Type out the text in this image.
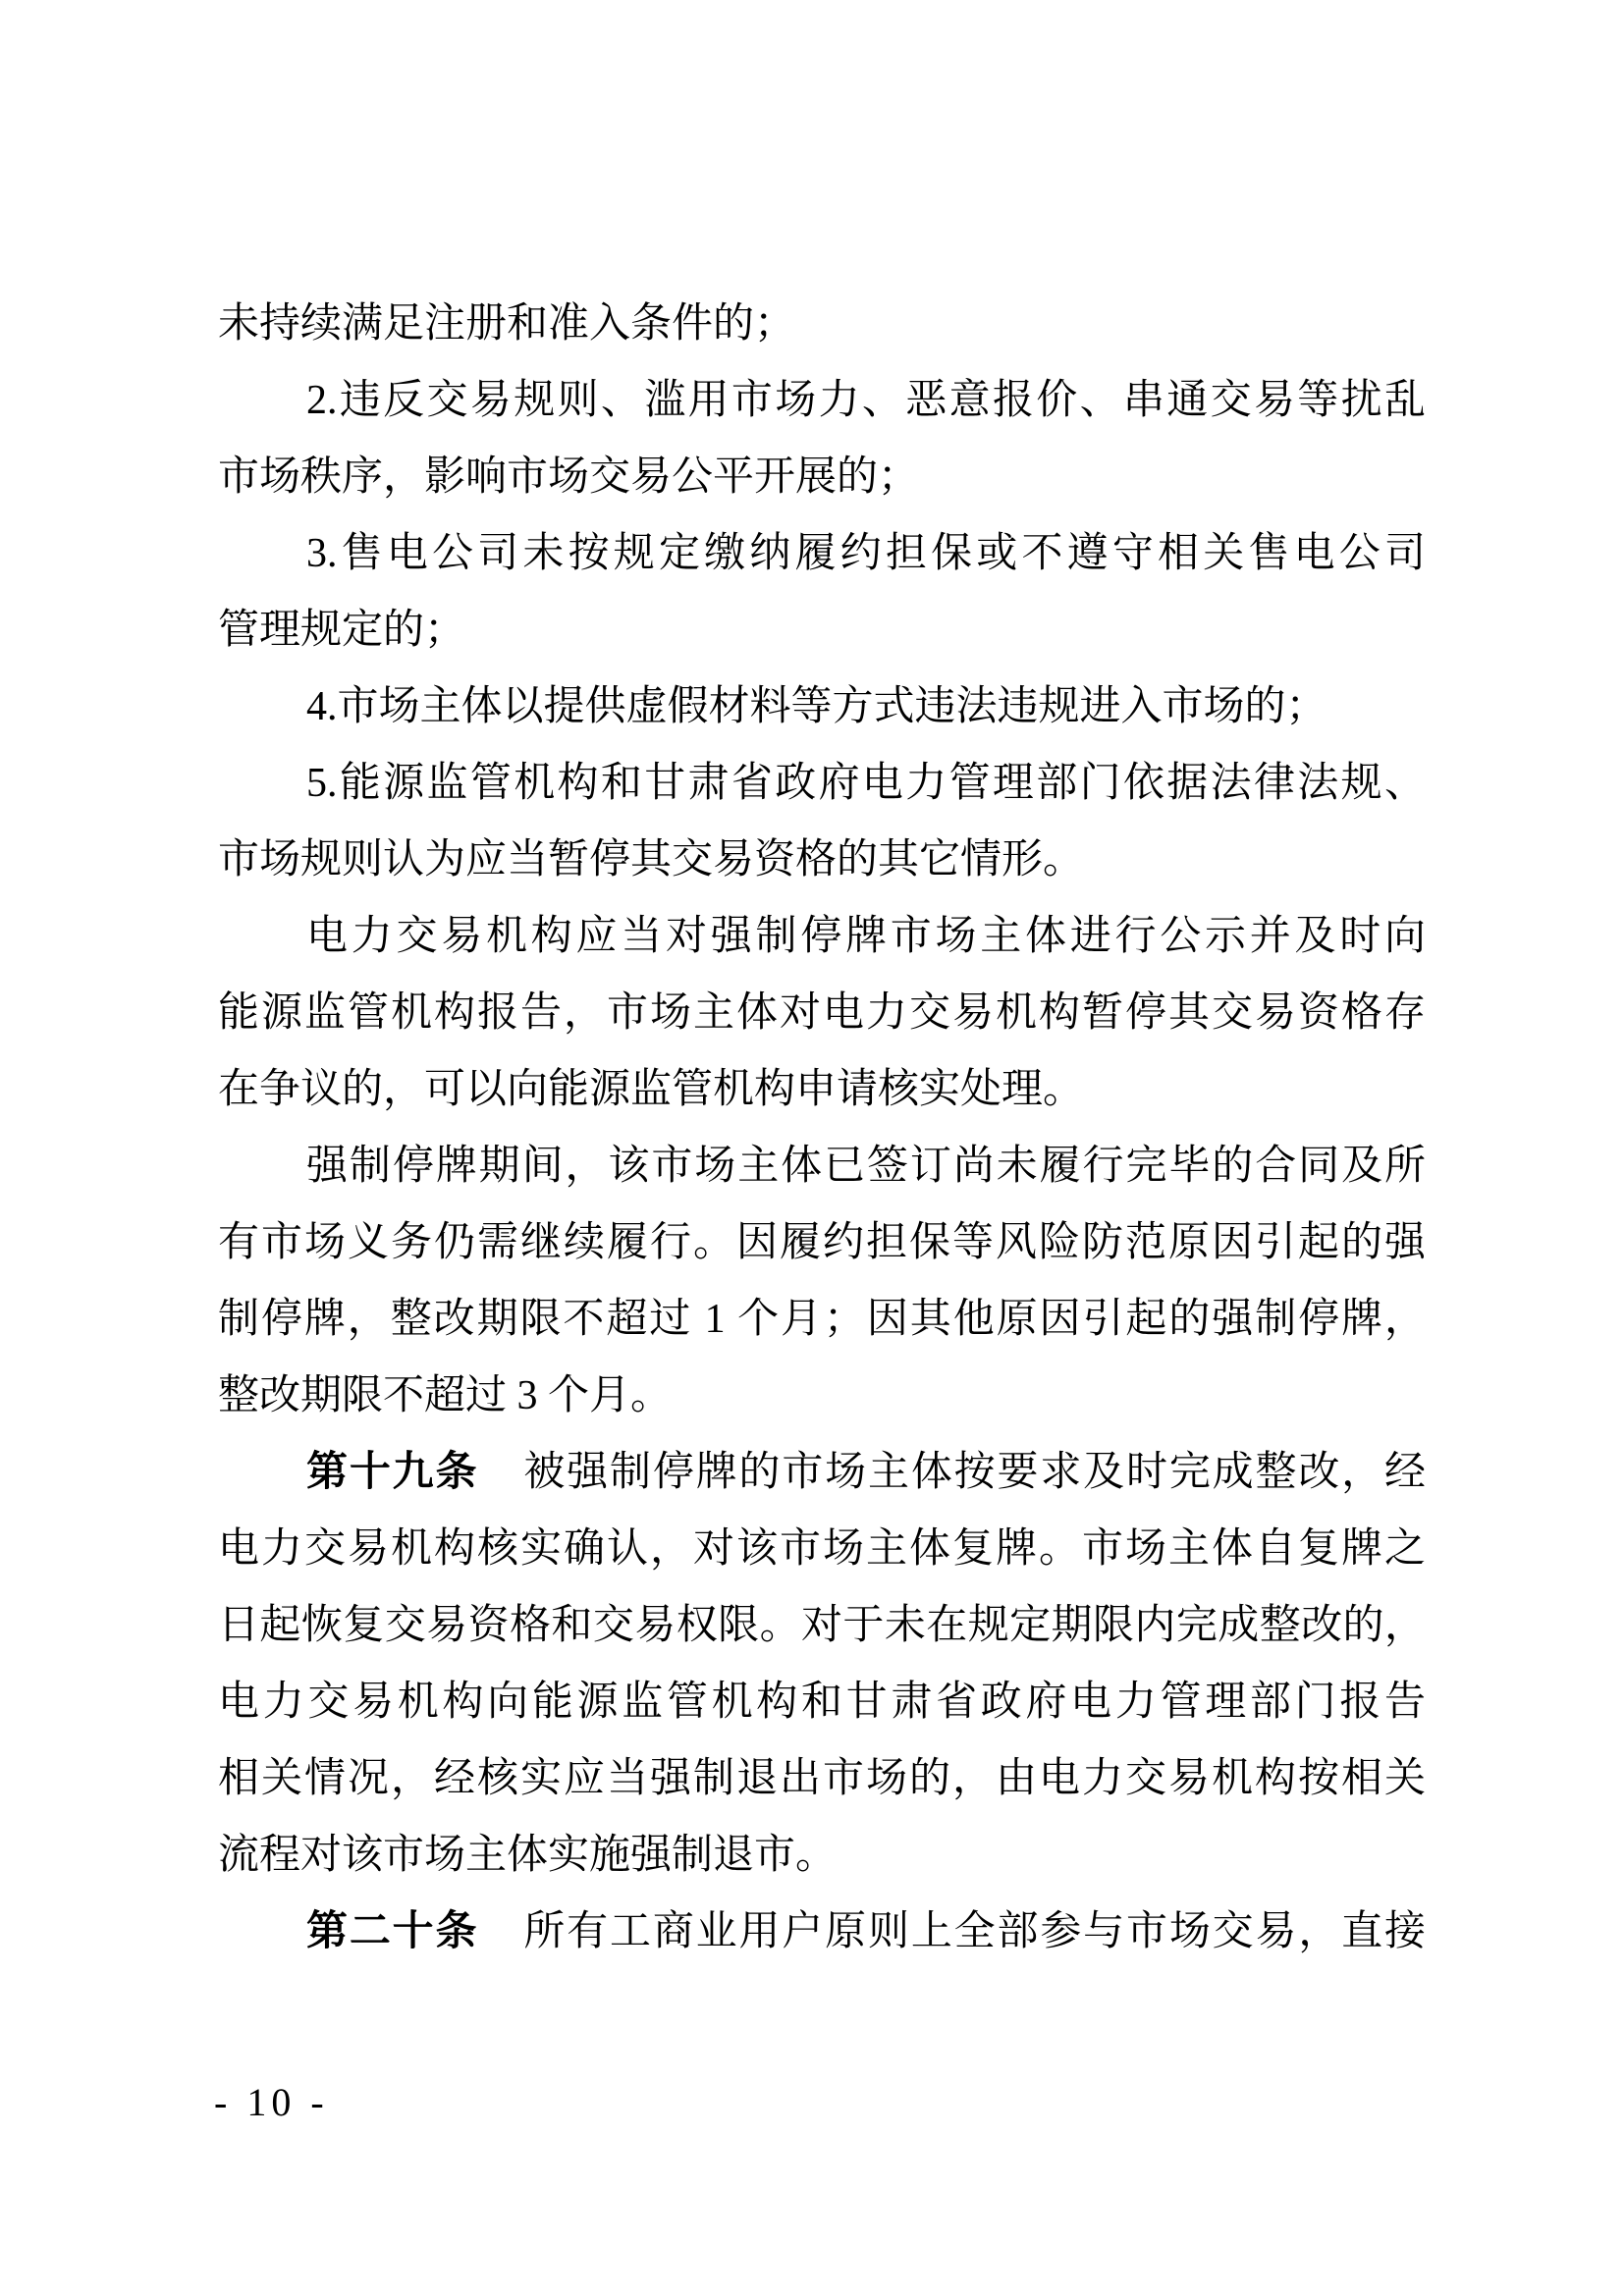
未持续满足注册和准入条件的；
2.违反交易规则、滥用市场力、恶意报价、串通交易等扰乱
市场秩序，影响市场交易公平开展的；
3.售电公司未按规定缴纳履约担保或不遵守相关售电公司
管理规定的；
4.市场主体以提供虚假材料等方式违法违规进入市场的；
5.能源监管机构和甘肃省政府电力管理部门依据法律法规、
市场规则认为应当暂停其交易资格的其它情形。
电力交易机构应当对强制停牌市场主体进行公示并及时向
能源监管机构报告，市场主体对电力交易机构暂停其交易资格存
在争议的，可以向能源监管机构申请核实处理。
强制停牌期间，该市场主体已签订尚未履行完毕的合同及所
有市场义务仍需继续履行。因履约担保等风险防范原因引起的强
制停牌，整改期限不超过 1 个月；因其他原因引起的强制停牌，
整改期限不超过 3 个月。
第十九条 被强制停牌的市场主体按要求及时完成整改，经
电力交易机构核实确认，对该市场主体复牌。市场主体自复牌之
日起恢复交易资格和交易权限。对于未在规定期限内完成整改的，
电力交易机构向能源监管机构和甘肃省政府电力管理部门报告
相关情况，经核实应当强制退出市场的，由电力交易机构按相关
流程对该市场主体实施强制退市。
第二十条 所有工商业用户原则上全部参与市场交易，直接
- 10 -
